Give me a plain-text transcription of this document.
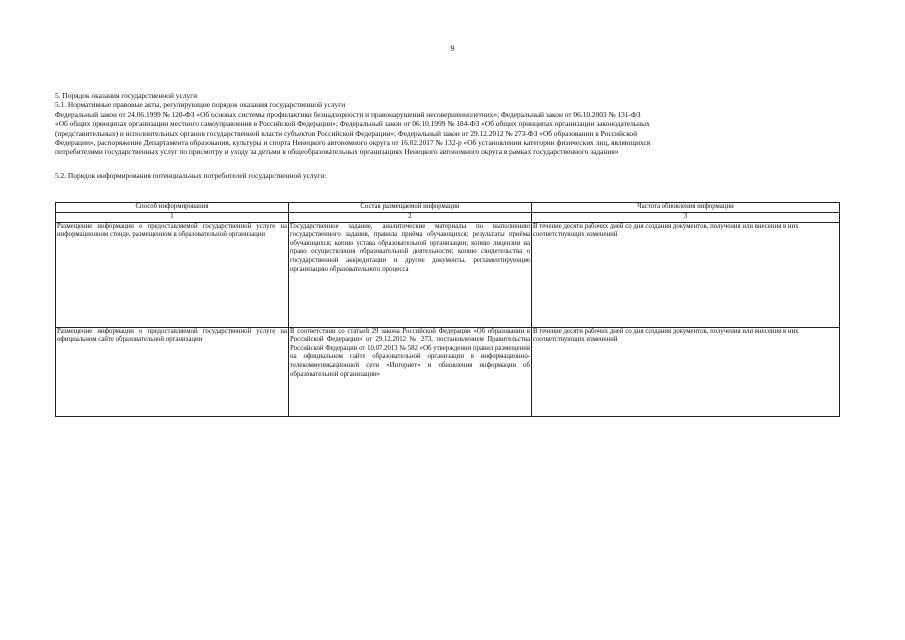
9
5. Порядок оказания государственной услуги
5.1. Нормативные правовые акты, регулирующие порядок оказания государственной услуги
Федеральный закон от 24.06.1999 № 120-ФЗ «Об основах системы профилактики безнадзорности и правонарушений несовершеннолетних»; Федеральный закон от 06.10.2003 № 131-ФЗ
«Об общих принципах организации местного самоуправления в Российской Федерации»; Федеральный закон от 06.10.1999 № 184-ФЗ «Об общих принципах организации законодательных
(представительных) и исполнительных органов государственной власти субъектов Российской Федерации»; Федеральный закон от 29.12.2012 № 273-ФЗ «Об образовании в Российской
Федерации», распоряжение Департамента образования, культуры и спорта Ненецкого автономного округа от 16.02.2017 № 132-р «Об установлении категории физических лиц, являющихся
потребителями государственных услуг по присмотру и уходу за детьми в общеобразовательных организациях Ненецкого автономного округа в рамках государственного задания»
5.2. Порядок информирования потенциальных потребителей государственной услуги:
Способ информирования	Состав размещаемой информации	Частота обновления информации
1	2	3
Размещение информации о предоставляемой государственной услуге на информационном стенде, размещенном в образовательной организации	Государственное задание, аналитические материалы по выполнению государственного задания, правила приёма обучающихся; результаты приёма обучающихся; копию устава образовательной организации; копию лицензии на право осуществления образовательной деятельности; копию свидетельства о государственной аккредитации и другие документы, регламентирующие организацию образовательного процесса	В течение десяти рабочих дней со дня создания документов, получения или внесения в них соответствующих изменений
Размещение информации о предоставляемой государственной услуге на официальном сайте образовательной организации	В соответствии со статьей 29 закона Российской Федерации «Об образовании в Российской Федерации» от 29.12.2012 № 273, постановлением Правительства Российской Федерации от 10.07.2013 № 582 «Об утверждении правил размещения на официальном сайте образовательной организации в информационно-телекоммуникационной сети «Интернет» и обновления информации об образовательной организации»	В течение десяти рабочих дней со дня создания документов, получения или внесения в них соответствующих изменений
